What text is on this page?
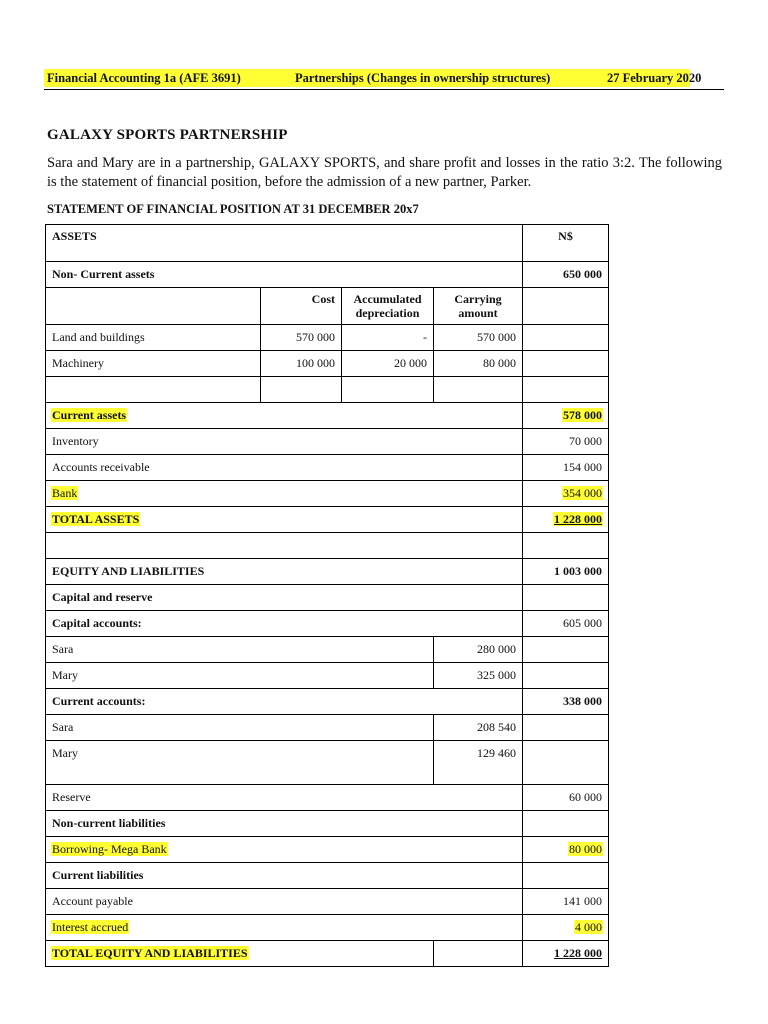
Financial Accounting 1a (AFE 3691)	Partnerships (Changes in ownership structures)	27 February 2020
GALAXY SPORTS PARTNERSHIP
Sara and Mary are in a partnership, GALAXY SPORTS, and share profit and losses in the ratio 3:2. The following is the statement of financial position, before the admission of a new partner, Parker.
STATEMENT OF FINANCIAL POSITION AT 31 DECEMBER 20x7
ASSETS				N$
Non- Current assets				650 000
	Cost	Accumulated depreciation	Carrying amount	
Land and buildings	570 000	-	570 000	
Machinery	100 000	20 000	80 000	

Current assets				578 000
Inventory				70 000
Accounts receivable				154 000
Bank				354 000
TOTAL ASSETS				1 228 000

EQUITY AND LIABILITIES				1 003 000
Capital and reserve				
Capital accounts:				605 000
Sara			280 000	
Mary			325 000	
Current accounts:				338 000
Sara			208 540	
Mary			129 460	
Reserve				60 000
Non-current liabilities				
Borrowing- Mega Bank				80 000
Current liabilities				
Account payable				141 000
Interest accrued				4 000
TOTAL EQUITY AND LIABILITIES				1 228 000
